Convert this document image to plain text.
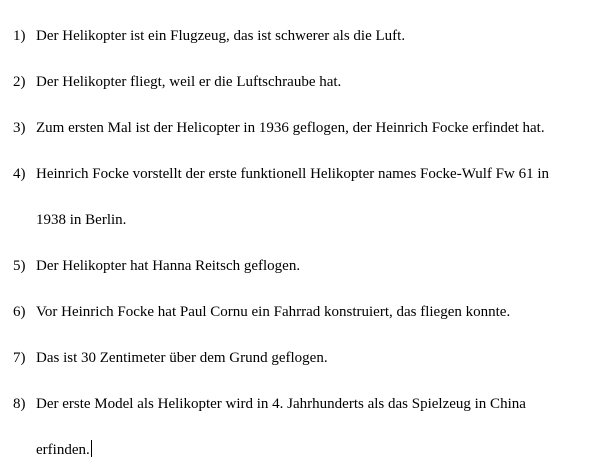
1) Der Helikopter ist ein Flugzeug, das ist schwerer als die Luft.
2) Der Helikopter fliegt, weil er die Luftschraube hat.
3) Zum ersten Mal ist der Helicopter in 1936 geflogen, der Heinrich Focke erfindet hat.
4) Heinrich Focke vorstellt der erste funktionell Helikopter names Focke-Wulf Fw 61 in
1938 in Berlin.
5) Der Helikopter hat Hanna Reitsch geflogen.
6) Vor Heinrich Focke hat Paul Cornu ein Fahrrad konstruiert, das fliegen konnte.
7) Das ist 30 Zentimeter über dem Grund geflogen.
8) Der erste Model als Helikopter wird in 4. Jahrhunderts als das Spielzeug in China
erfinden.
